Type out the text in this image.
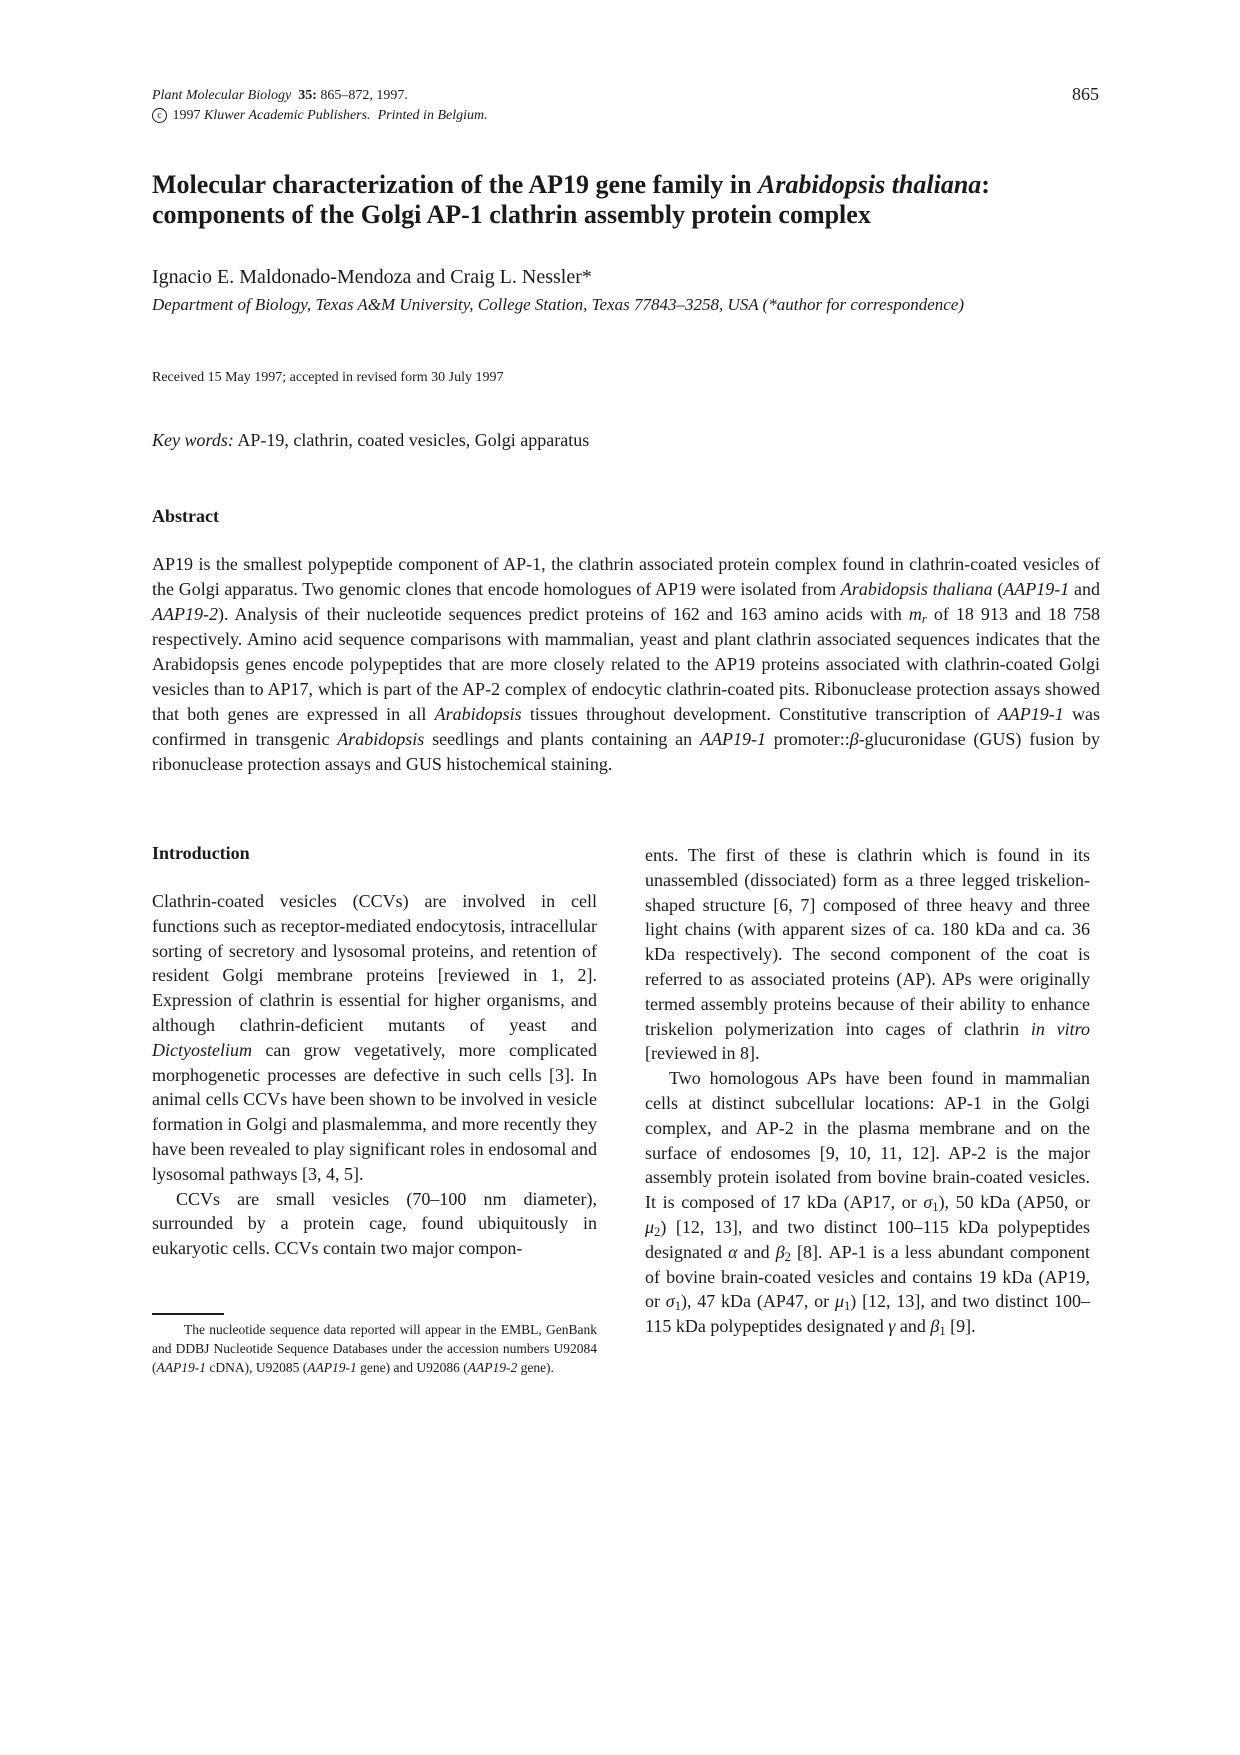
Plant Molecular Biology 35: 865–872, 1997.
c 1997 Kluwer Academic Publishers. Printed in Belgium.
865
Molecular characterization of the AP19 gene family in Arabidopsis thaliana: components of the Golgi AP-1 clathrin assembly protein complex
Ignacio E. Maldonado-Mendoza and Craig L. Nessler*
Department of Biology, Texas A&M University, College Station, Texas 77843–3258, USA (*author for correspondence)
Received 15 May 1997; accepted in revised form 30 July 1997
Key words: AP-19, clathrin, coated vesicles, Golgi apparatus
Abstract
AP19 is the smallest polypeptide component of AP-1, the clathrin associated protein complex found in clathrin-coated vesicles of the Golgi apparatus. Two genomic clones that encode homologues of AP19 were isolated from Arabidopsis thaliana (AAP19-1 and AAP19-2). Analysis of their nucleotide sequences predict proteins of 162 and 163 amino acids with $m_r$ of 18 913 and 18 758 respectively. Amino acid sequence comparisons with mammalian, yeast and plant clathrin associated sequences indicates that the Arabidopsis genes encode polypeptides that are more closely related to the AP19 proteins associated with clathrin-coated Golgi vesicles than to AP17, which is part of the AP-2 complex of endocytic clathrin-coated pits. Ribonuclease protection assays showed that both genes are expressed in all Arabidopsis tissues throughout development. Constitutive transcription of AAP19-1 was confirmed in transgenic Arabidopsis seedlings and plants containing an AAP19-1 promoter::β-glucuronidase (GUS) fusion by ribonuclease protection assays and GUS histochemical staining.
Introduction

Clathrin-coated vesicles (CCVs) are involved in cell functions such as receptor-mediated endocytosis, intracellular sorting of secretory and lysosomal proteins, and retention of resident Golgi membrane proteins [reviewed in 1, 2]. Expression of clathrin is essential for higher organisms, and although clathrin-deficient mutants of yeast and Dictyostelium can grow vegetatively, more complicated morphogenetic processes are defective in such cells [3]. In animal cells CCVs have been shown to be involved in vesicle formation in Golgi and plasmalemma, and more recently they have been revealed to play significant roles in endosomal and lysosomal pathways [3, 4, 5].

CCVs are small vesicles (70–100 nm diameter), surrounded by a protein cage, found ubiquitously in eukaryotic cells. CCVs contain two major compon-

ents. The first of these is clathrin which is found in its unassembled (dissociated) form as a three legged triskelion-shaped structure [6, 7] composed of three heavy and three light chains (with apparent sizes of ca. 180 kDa and ca. 36 kDa respectively). The second component of the coat is referred to as associated proteins (AP). APs were originally termed assembly proteins because of their ability to enhance triskelion polymerization into cages of clathrin in vitro [reviewed in 8].

Two homologous APs have been found in mammalian cells at distinct subcellular locations: AP-1 in the Golgi complex, and AP-2 in the plasma membrane and on the surface of endosomes [9, 10, 11, 12]. AP-2 is the major assembly protein isolated from bovine brain-coated vesicles. It is composed of 17 kDa (AP17, or $\sigma_1$), 50 kDa (AP50, or $\mu_2$) [12, 13], and two distinct 100–115 kDa polypeptides designated α and $\beta_2$ [8]. AP-1 is a less abundant component of bovine brain-coated vesicles and contains 19 kDa (AP19, or $\sigma_1$), 47 kDa (AP47, or $\mu_1$) [12, 13], and two distinct 100–115 kDa polypeptides designated γ and $\beta_1$ [9].

The nucleotide sequence data reported will appear in the EMBL, GenBank and DDBJ Nucleotide Sequence Databases under the accession numbers U92084 (AAP19-1 cDNA), U92085 (AAP19-1 gene) and U92086 (AAP19-2 gene).
